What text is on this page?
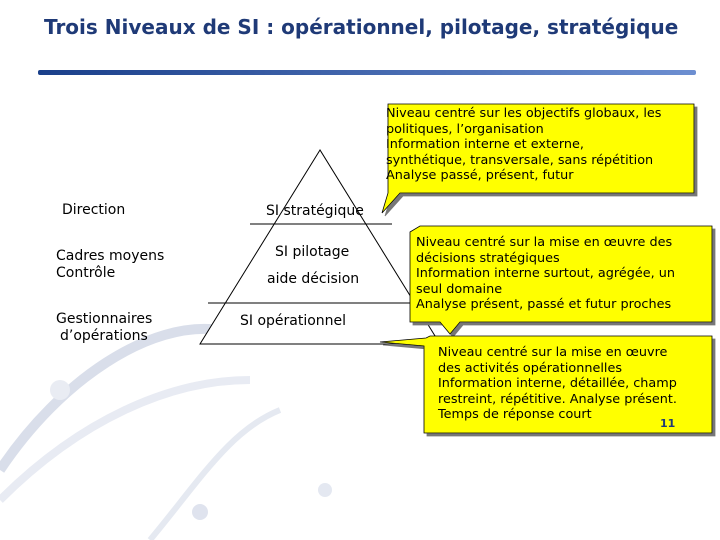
Trois Niveaux de SI : opérationnel, pilotage, stratégique
Direction
Cadres moyens
Contrôle
Gestionnaires
d’opérations
SI stratégique
SI pilotage
aide décision
SI opérationnel
Niveau centré sur les objectifs globaux, les
politiques, l’organisation
Information interne et externe,
synthétique, transversale, sans répétition
Analyse passé, présent, futur
Niveau centré sur la mise en œuvre des
décisions stratégiques
Information interne surtout, agrégée, un
seul domaine
Analyse présent, passé et futur proches
Niveau centré sur la mise en œuvre
des activités opérationnelles
Information interne, détaillée, champ
restreint, répétitive. Analyse présent.
Temps de réponse court
11
